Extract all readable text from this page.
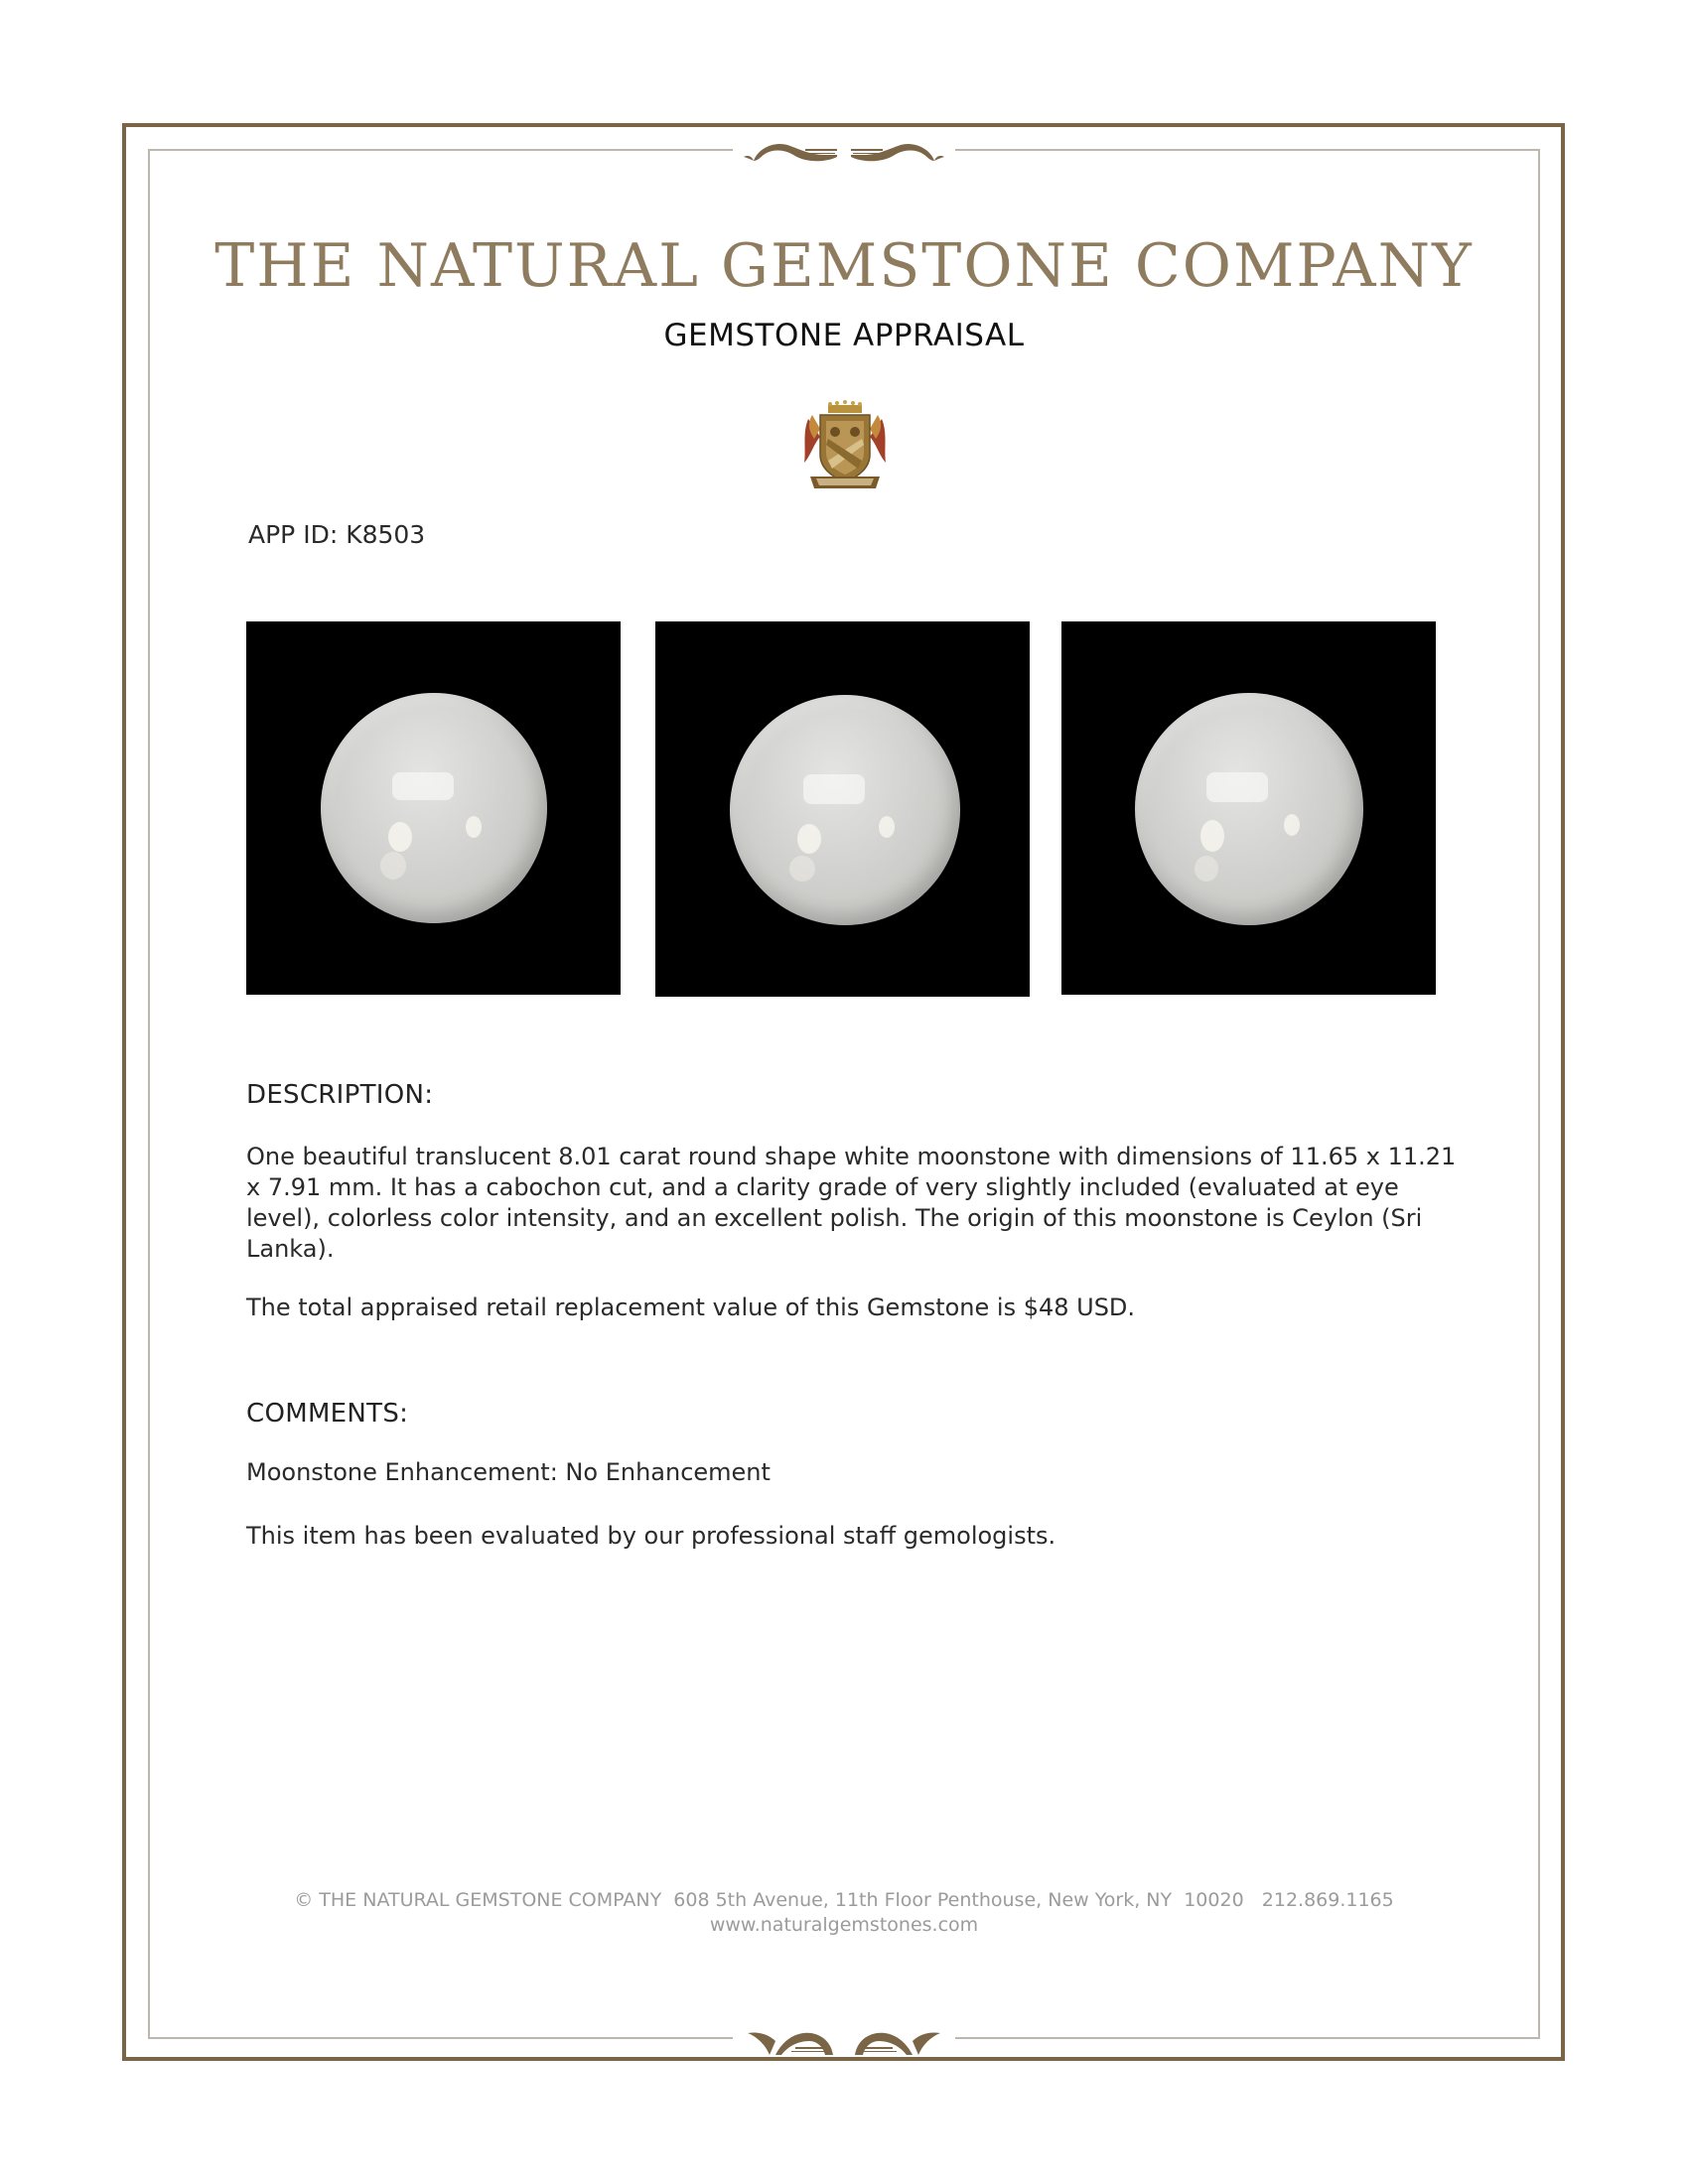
THE NATURAL GEMSTONE COMPANY
GEMSTONE APPRAISAL
APP ID: K8503
DESCRIPTION:
One beautiful translucent 8.01 carat round shape white moonstone with dimensions of 11.65 x 11.21 x 7.91 mm. It has a cabochon cut, and a clarity grade of very slightly included (evaluated at eye level), colorless color intensity, and an excellent polish. The origin of this moonstone is Ceylon (Sri Lanka).
The total appraised retail replacement value of this Gemstone is $48 USD.
COMMENTS:
Moonstone Enhancement: No Enhancement
This item has been evaluated by our professional staff gemologists.
© THE NATURAL GEMSTONE COMPANY  608 5th Avenue, 11th Floor Penthouse, New York, NY  10020   212.869.1165
www.naturalgemstones.com
